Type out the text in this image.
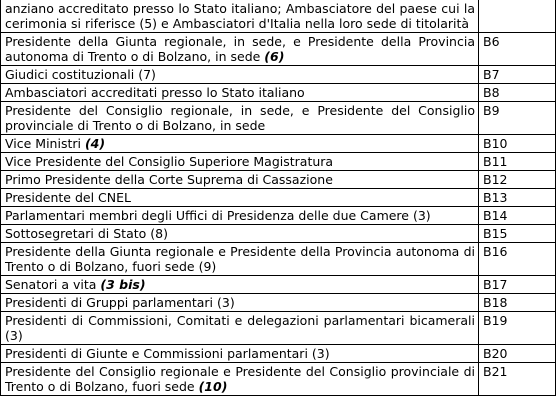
anziano accreditato presso lo Stato italiano; Ambasciatore del paese cui la cerimonia si riferisce (5) e Ambasciatori d'Italia nella loro sede di titolarità	
Presidente della Giunta regionale, in sede, e Presidente della Provincia autonoma di Trento o di Bolzano, in sede (6)	B6
Giudici costituzionali (7)	B7
Ambasciatori accreditati presso lo Stato italiano	B8
Presidente del Consiglio regionale, in sede, e Presidente del Consiglio provinciale di Trento o di Bolzano, in sede	B9
Vice Ministri (4)	B10
Vice Presidente del Consiglio Superiore Magistratura	B11
Primo Presidente della Corte Suprema di Cassazione	B12
Presidente del CNEL	B13
Parlamentari membri degli Uffici di Presidenza delle due Camere (3)	B14
Sottosegretari di Stato (8)	B15
Presidente della Giunta regionale e Presidente della Provincia autonoma di Trento o di Bolzano, fuori sede (9)	B16
Senatori a vita (3 bis)	B17
Presidenti di Gruppi parlamentari (3)	B18
Presidenti di Commissioni, Comitati e delegazioni parlamentari bicamerali (3)	B19
Presidenti di Giunte e Commissioni parlamentari (3)	B20
Presidente del Consiglio regionale e Presidente del Consiglio provinciale di Trento o di Bolzano, fuori sede (10)	B21
